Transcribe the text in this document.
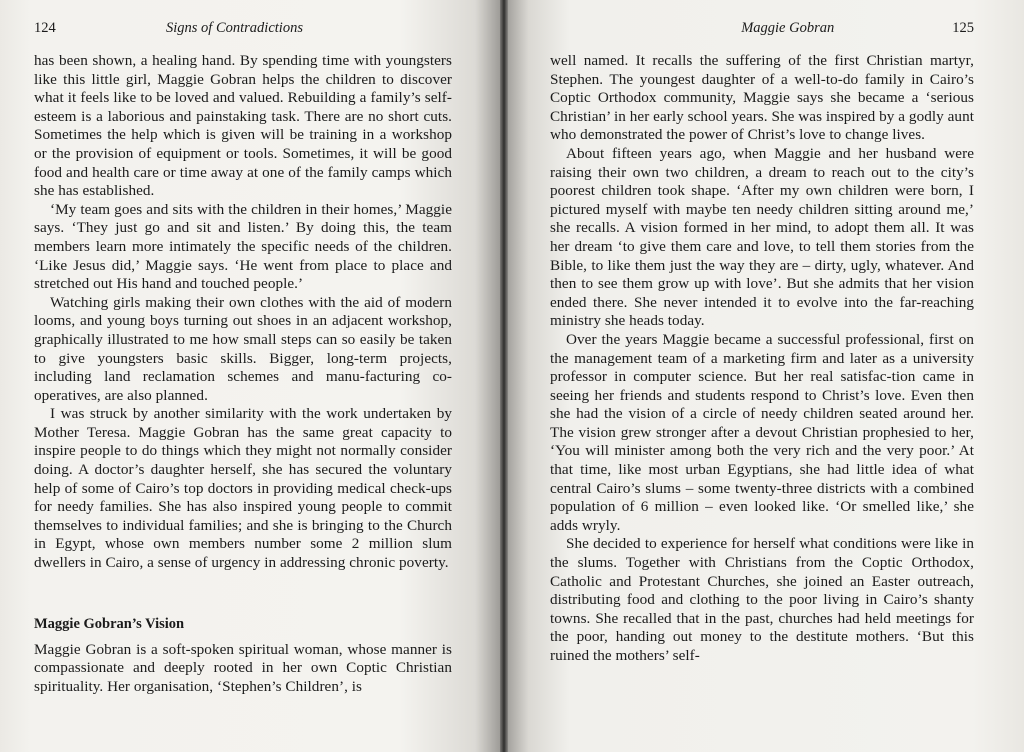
124	Signs of Contradictions

has been shown, a healing hand. By spending time with youngsters like this little girl, Maggie Gobran helps the children to discover what it feels like to be loved and valued. Rebuilding a family’s self-esteem is a laborious and painstaking task. There are no short cuts. Sometimes the help which is given will be training in a workshop or the provision of equipment or tools. Sometimes, it will be good food and health care or time away at one of the family camps which she has established.

‘My team goes and sits with the children in their homes,’ Maggie says. ‘They just go and sit and listen.’ By doing this, the team members learn more intimately the specific needs of the children. ‘Like Jesus did,’ Maggie says. ‘He went from place to place and stretched out His hand and touched people.’

Watching girls making their own clothes with the aid of modern looms, and young boys turning out shoes in an adjacent workshop, graphically illustrated to me how small steps can so easily be taken to give youngsters basic skills. Bigger, long-term projects, including land reclamation schemes and manu-facturing co-operatives, are also planned.

I was struck by another similarity with the work undertaken by Mother Teresa. Maggie Gobran has the same great capacity to inspire people to do things which they might not normally consider doing. A doctor’s daughter herself, she has secured the voluntary help of some of Cairo’s top doctors in providing medical check-ups for needy families. She has also inspired young people to commit themselves to individual families; and she is bringing to the Church in Egypt, whose own members number some 2 million slum dwellers in Cairo, a sense of urgency in addressing chronic poverty.

Maggie Gobran’s Vision

Maggie Gobran is a soft-spoken spiritual woman, whose manner is compassionate and deeply rooted in her own Coptic Christian spirituality. Her organisation, ‘Stephen’s Children’, is

Maggie Gobran	125

well named. It recalls the suffering of the first Christian martyr, Stephen. The youngest daughter of a well-to-do family in Cairo’s Coptic Orthodox community, Maggie says she became a ‘serious Christian’ in her early school years. She was inspired by a godly aunt who demonstrated the power of Christ’s love to change lives.

About fifteen years ago, when Maggie and her husband were raising their own two children, a dream to reach out to the city’s poorest children took shape. ‘After my own children were born, I pictured myself with maybe ten needy children sitting around me,’ she recalls. A vision formed in her mind, to adopt them all. It was her dream ‘to give them care and love, to tell them stories from the Bible, to like them just the way they are – dirty, ugly, whatever. And then to see them grow up with love’. But she admits that her vision ended there. She never intended it to evolve into the far-reaching ministry she heads today.

Over the years Maggie became a successful professional, first on the management team of a marketing firm and later as a university professor in computer science. But her real satisfac-tion came in seeing her friends and students respond to Christ’s love. Even then she had the vision of a circle of needy children seated around her. The vision grew stronger after a devout Christian prophesied to her, ‘You will minister among both the very rich and the very poor.’ At that time, like most urban Egyptians, she had little idea of what central Cairo’s slums – some twenty-three districts with a combined population of 6 million – even looked like. ‘Or smelled like,’ she adds wryly.

She decided to experience for herself what conditions were like in the slums. Together with Christians from the Coptic Orthodox, Catholic and Protestant Churches, she joined an Easter outreach, distributing food and clothing to the poor living in Cairo’s shanty towns. She recalled that in the past, churches had held meetings for the poor, handing out money to the destitute mothers. ‘But this ruined the mothers’ self-
